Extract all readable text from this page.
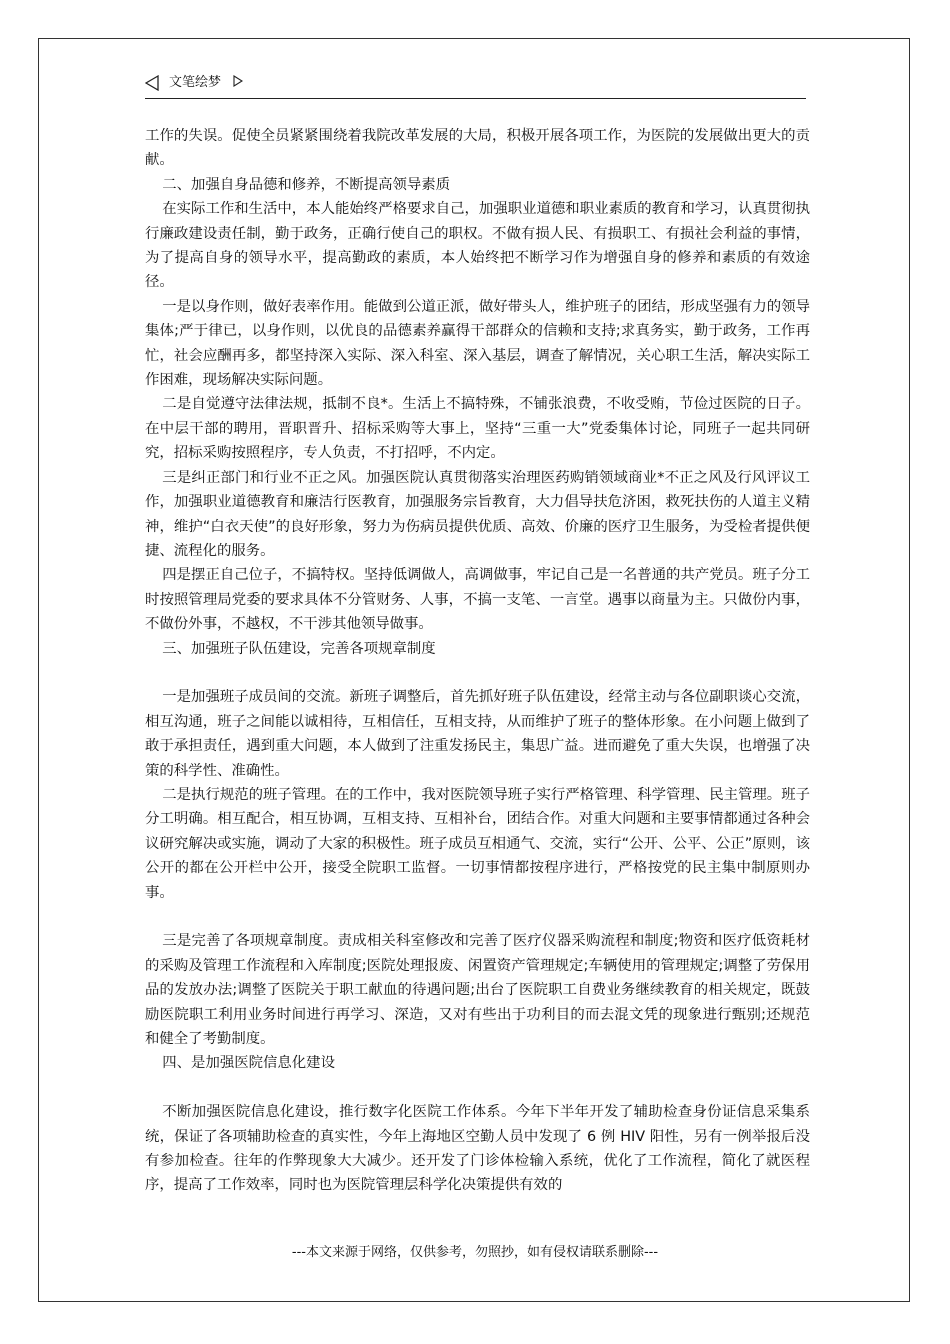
文笔绘梦

工作的失误。促使全员紧紧围绕着我院改革发展的大局，积极开展各项工作，为医院的发展做出更大的贡献。

二、加强自身品德和修养，不断提高领导素质

在实际工作和生活中，本人能始终严格要求自己，加强职业道德和职业素质的教育和学习，认真贯彻执行廉政建设责任制，勤于政务，正确行使自己的职权。不做有损人民、有损职工、有损社会利益的事情，为了提高自身的领导水平，提高勤政的素质，本人始终把不断学习作为增强自身的修养和素质的有效途径。

一是以身作则，做好表率作用。能做到公道正派，做好带头人，维护班子的团结，形成坚强有力的领导集体;严于律已，以身作则，以优良的品德素养赢得干部群众的信赖和支持;求真务实，勤于政务，工作再忙，社会应酬再多，都坚持深入实际、深入科室、深入基层，调查了解情况，关心职工生活，解决实际工作困难，现场解决实际问题。

二是自觉遵守法律法规，抵制不良*。生活上不搞特殊，不铺张浪费，不收受贿，节俭过医院的日子。在中层干部的聘用，晋职晋升、招标采购等大事上，坚持“三重一大”党委集体讨论，同班子一起共同研究，招标采购按照程序，专人负责，不打招呼，不内定。

三是纠正部门和行业不正之风。加强医院认真贯彻落实治理医药购销领域商业*不正之风及行风评议工作，加强职业道德教育和廉洁行医教育，加强服务宗旨教育，大力倡导扶危济困，救死扶伤的人道主义精神，维护“白衣天使”的良好形象，努力为伤病员提供优质、高效、价廉的医疗卫生服务，为受检者提供便捷、流程化的服务。

四是摆正自己位子，不搞特权。坚持低调做人，高调做事，牢记自己是一名普通的共产党员。班子分工时按照管理局党委的要求具体不分管财务、人事，不搞一支笔、一言堂。遇事以商量为主。只做份内事，不做份外事，不越权，不干涉其他领导做事。

三、加强班子队伍建设，完善各项规章制度

一是加强班子成员间的交流。新班子调整后，首先抓好班子队伍建设，经常主动与各位副职谈心交流，相互沟通，班子之间能以诚相待，互相信任，互相支持，从而维护了班子的整体形象。在小问题上做到了敢于承担责任，遇到重大问题，本人做到了注重发扬民主，集思广益。进而避免了重大失误，也增强了决策的科学性、准确性。

二是执行规范的班子管理。在的工作中，我对医院领导班子实行严格管理、科学管理、民主管理。班子分工明确。相互配合，相互协调，互相支持、互相补台，团结合作。对重大问题和主要事情都通过各种会议研究解决或实施，调动了大家的积极性。班子成员互相通气、交流，实行“公开、公平、公正”原则，该公开的都在公开栏中公开，接受全院职工监督。一切事情都按程序进行，严格按党的民主集中制原则办事。

三是完善了各项规章制度。责成相关科室修改和完善了医疗仪器采购流程和制度;物资和医疗低资耗材的采购及管理工作流程和入库制度;医院处理报废、闲置资产管理规定;车辆使用的管理规定;调整了劳保用品的发放办法;调整了医院关于职工献血的待遇问题;出台了医院职工自费业务继续教育的相关规定，既鼓励医院职工利用业务时间进行再学习、深造，又对有些出于功利目的而去混文凭的现象进行甄别;还规范和健全了考勤制度。

四、是加强医院信息化建设

不断加强医院信息化建设，推行数字化医院工作体系。今年下半年开发了辅助检查身份证信息采集系统，保证了各项辅助检查的真实性，今年上海地区空勤人员中发现了 6 例 HIV 阳性，另有一例举报后没有参加检查。往年的作弊现象大大减少。还开发了门诊体检输入系统，优化了工作流程，简化了就医程序，提高了工作效率，同时也为医院管理层科学化决策提供有效的

---本文来源于网络，仅供参考，勿照抄，如有侵权请联系删除---
